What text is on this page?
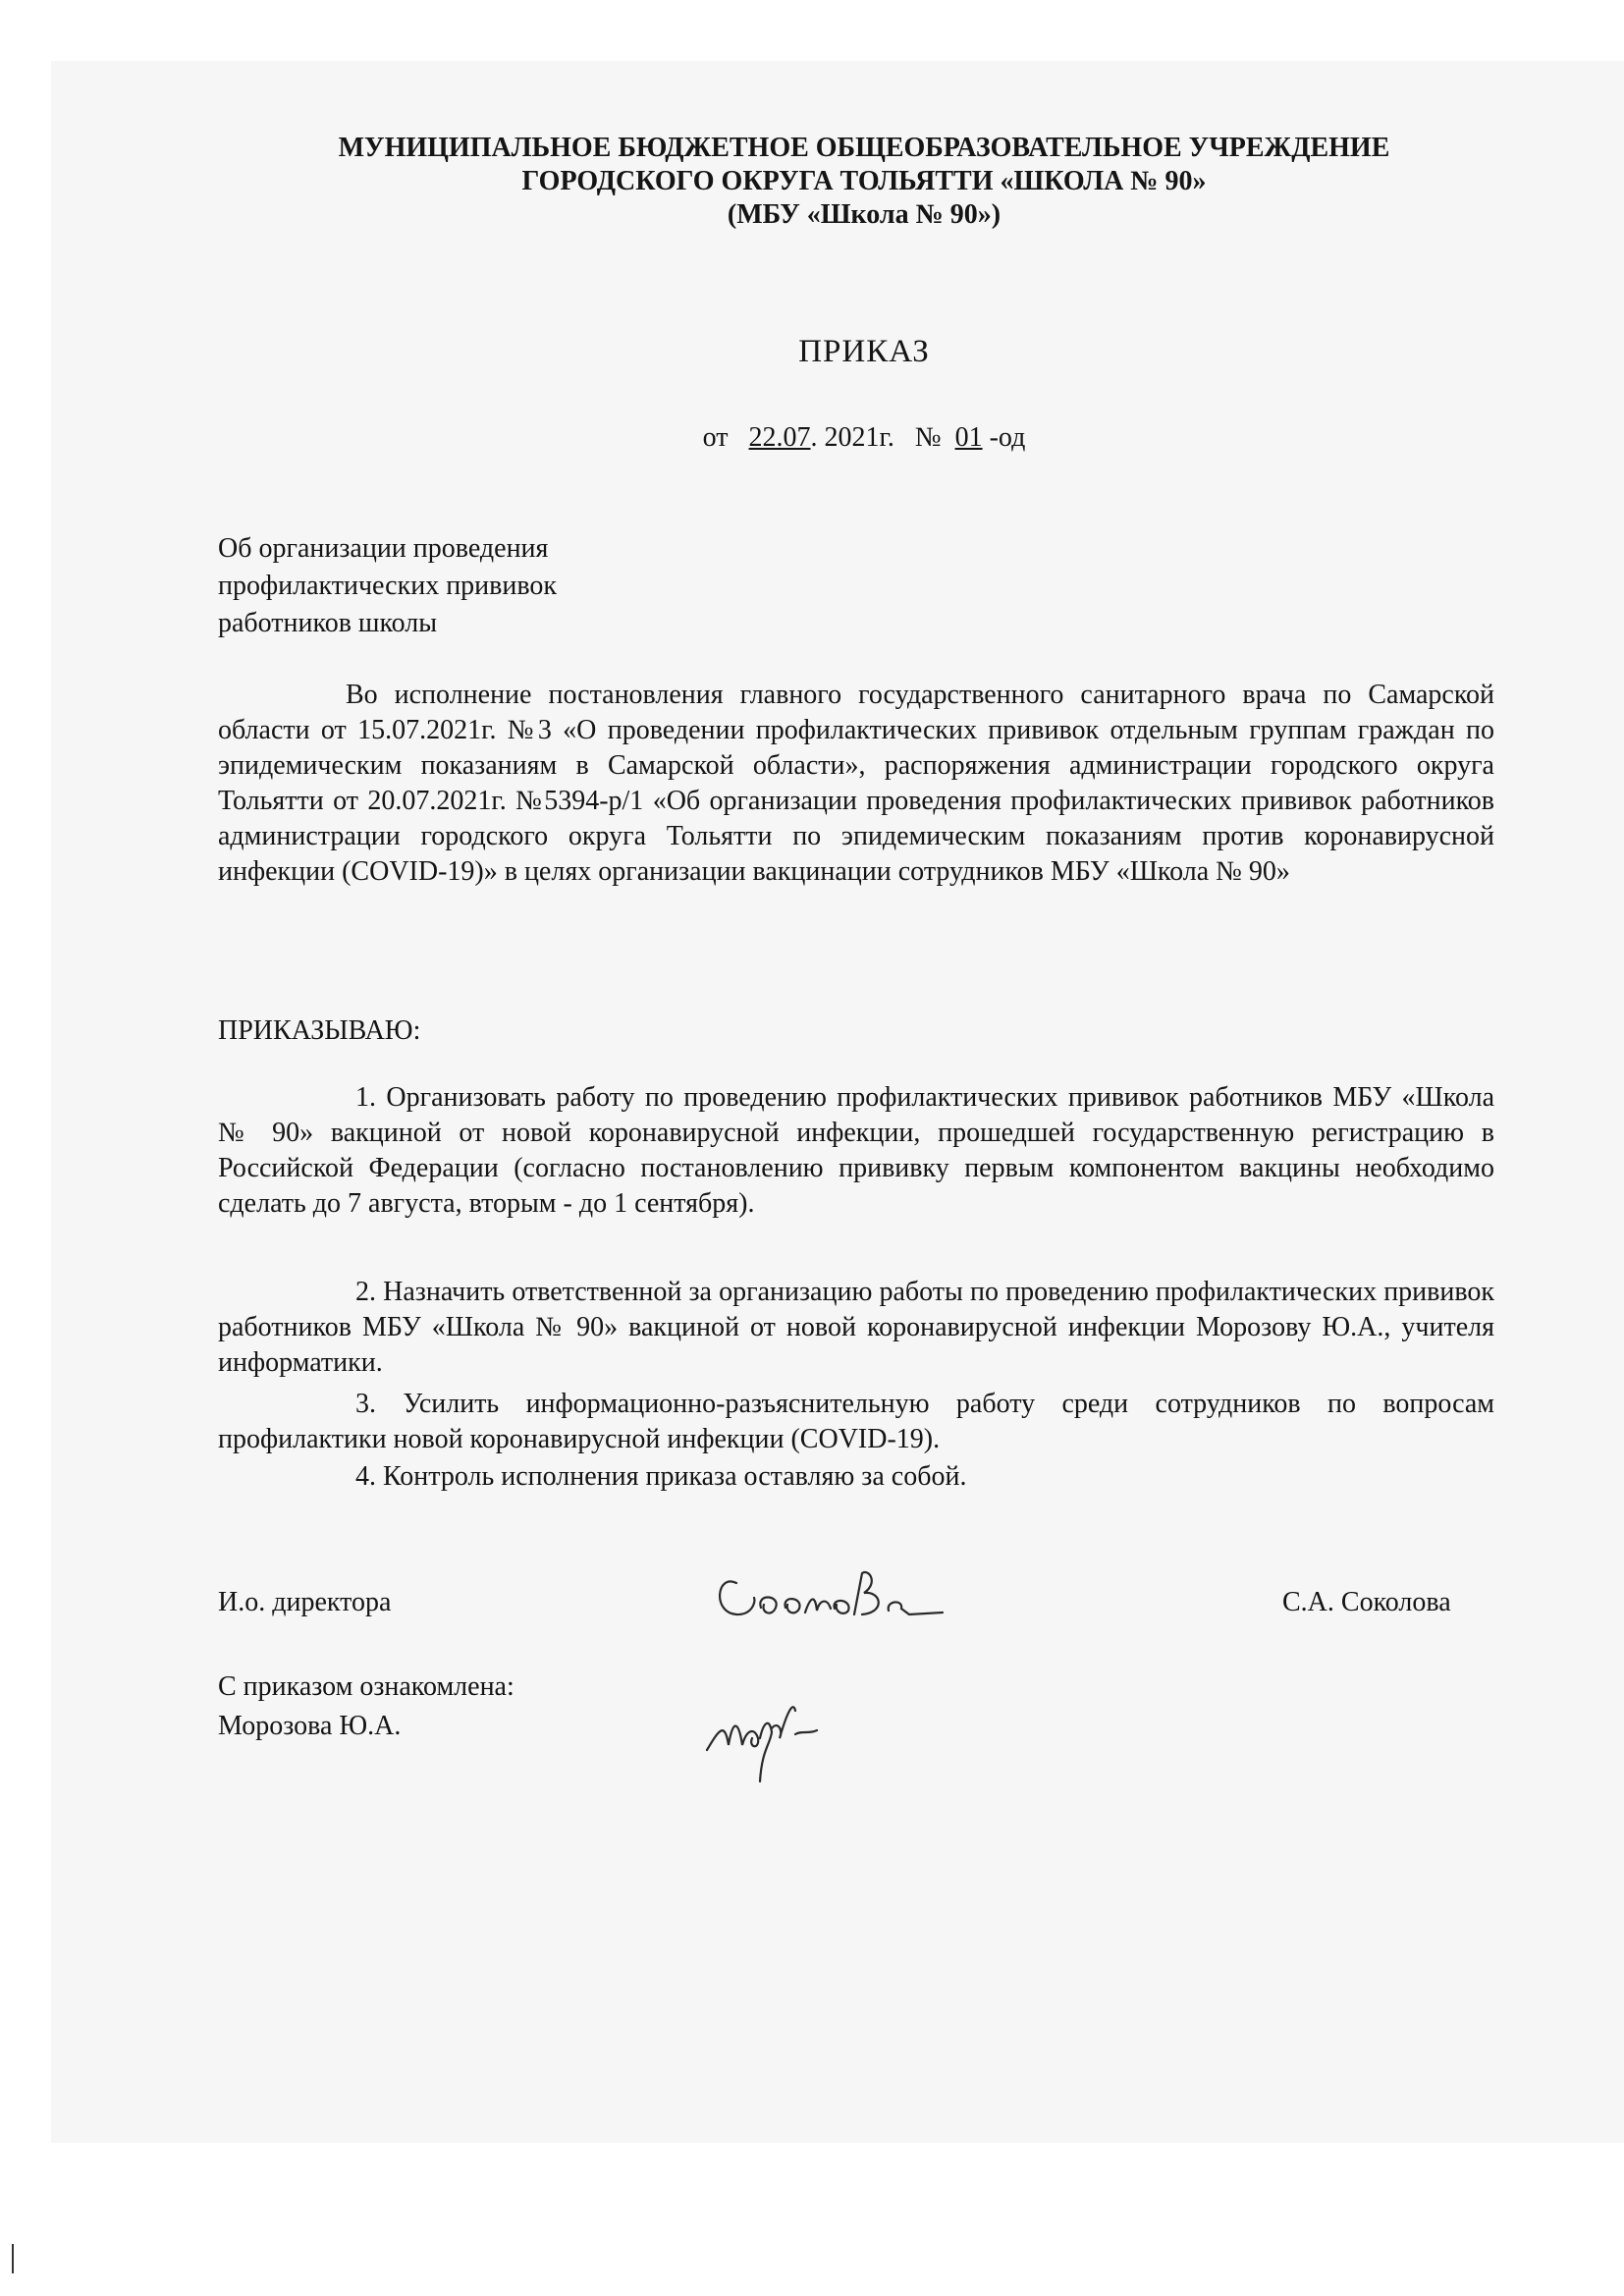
МУНИЦИПАЛЬНОЕ БЮДЖЕТНОЕ ОБЩЕОБРАЗОВАТЕЛЬНОЕ УЧРЕЖДЕНИЕ
ГОРОДСКОГО ОКРУГА ТОЛЬЯТТИ «ШКОЛА № 90»
(МБУ «Школа № 90»)
ПРИКАЗ
от 22.07. 2021г. № 01 -од
Об организации проведения
профилактических прививок
работников школы
Во исполнение постановления главного государственного санитарного врача по Самарской области от 15.07.2021г. №3 «О проведении профилактических прививок отдельным группам граждан по эпидемическим показаниям в Самарской области», распоряжения администрации городского округа Тольятти от 20.07.2021г. №5394-р/1 «Об организации проведения профилактических прививок работников администрации городского округа Тольятти по эпидемическим показаниям против коронавирусной инфекции (COVID-19)» в целях организации вакцинации сотрудников МБУ «Школа № 90»
ПРИКАЗЫВАЮ:
1. Организовать работу по проведению профилактических прививок работников МБУ «Школа № 90» вакциной от новой коронавирусной инфекции, прошедшей государственную регистрацию в Российской Федерации (согласно постановлению прививку первым компонентом вакцины необходимо сделать до 7 августа, вторым - до 1 сентября).
2. Назначить ответственной за организацию работы по проведению профилактических прививок работников МБУ «Школа № 90» вакциной от новой коронавирусной инфекции Морозову Ю.А., учителя информатики.
3. Усилить информационно-разъяснительную работу среди сотрудников по вопросам профилактики новой коронавирусной инфекции (COVID-19).
4. Контроль исполнения приказа оставляю за собой.
И.о. директора	С.А. Соколова
С приказом ознакомлена:
Морозова Ю.А.
